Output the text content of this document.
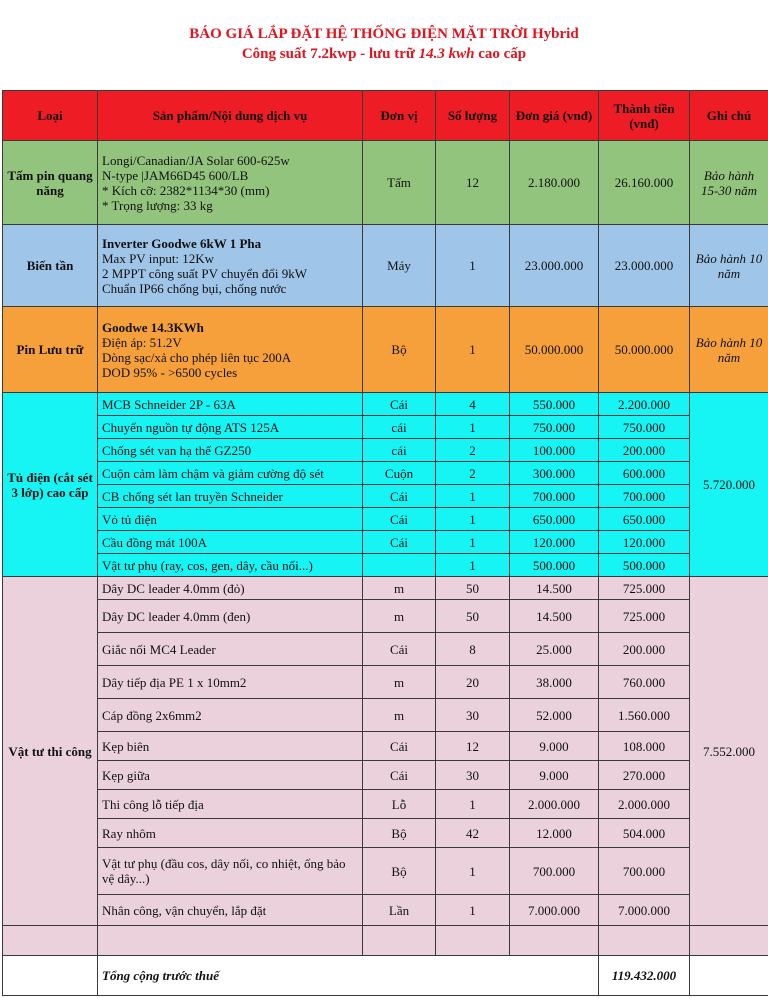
BÁO GIÁ LẮP ĐẶT HỆ THỐNG ĐIỆN MẶT TRỜI Hybrid
Công suất 7.2kwp - lưu trữ 14.3 kwh cao cấp
Loại	Sản phẩm/Nội dung dịch vụ	Đơn vị	Số lượng	Đơn giá (vnđ)	Thành tiền (vnđ)	Ghi chú
Tấm pin quang năng	Longi/Canadian/JA Solar 600-625w
N-type |JAM66D45 600/LB
* Kích cỡ: 2382*1134*30 (mm)
* Trọng lượng: 33 kg	Tấm	12	2.180.000	26.160.000	Bảo hành 15-30 năm
Biến tần	Inverter Goodwe 6kW 1 Pha
Max PV input: 12Kw
2 MPPT công suất PV chuyển đổi 9kW
Chuẩn IP66 chống bụi, chống nước	Máy	1	23.000.000	23.000.000	Bảo hành 10 năm
Pin Lưu trữ	Goodwe 14.3KWh
Điện áp: 51.2V
Dòng sạc/xả cho phép liên tục 200A
DOD 95% - >6500 cycles	Bộ	1	50.000.000	50.000.000	Bảo hành 10 năm
Tủ điện (cắt sét 3 lớp) cao cấp	MCB Schneider 2P - 63A	Cái	4	550.000	2.200.000	5.720.000
	Chuyển nguồn tự động ATS 125A	cái	1	750.000	750.000	
	Chống sét van hạ thế GZ250	cái	2	100.000	200.000	
	Cuộn cảm làm chậm và giảm cường độ sét	Cuộn	2	300.000	600.000	
	CB chống sét lan truyền Schneider	Cái	1	700.000	700.000	
	Vỏ tủ điện	Cái	1	650.000	650.000	
	Cầu đồng mát 100A	Cái	1	120.000	120.000	
	Vật tư phụ (ray, cos, gen, dây, cầu nối...)		1	500.000	500.000	
Vật tư thi công	Dây DC leader 4.0mm (đỏ)	m	50	14.500	725.000	7.552.000
	Dây DC leader 4.0mm (đen)	m	50	14.500	725.000	
	Giắc nối MC4 Leader	Cái	8	25.000	200.000	
	Dây tiếp địa PE 1 x 10mm2	m	20	38.000	760.000	
	Cáp đồng 2x6mm2	m	30	52.000	1.560.000	
	Kẹp biên	Cái	12	9.000	108.000	
	Kẹp giữa	Cái	30	9.000	270.000	
	Thi công lỗ tiếp địa	Lỗ	1	2.000.000	2.000.000	
	Ray nhôm	Bộ	42	12.000	504.000	
	Vật tư phụ (đầu cos, dây nối, co nhiệt, ống bảo vệ dây...)	Bộ	1	700.000	700.000	
	Nhân công, vận chuyển, lắp đặt	Lần	1	7.000.000	7.000.000	

	Tổng cộng trước thuế				119.432.000	
